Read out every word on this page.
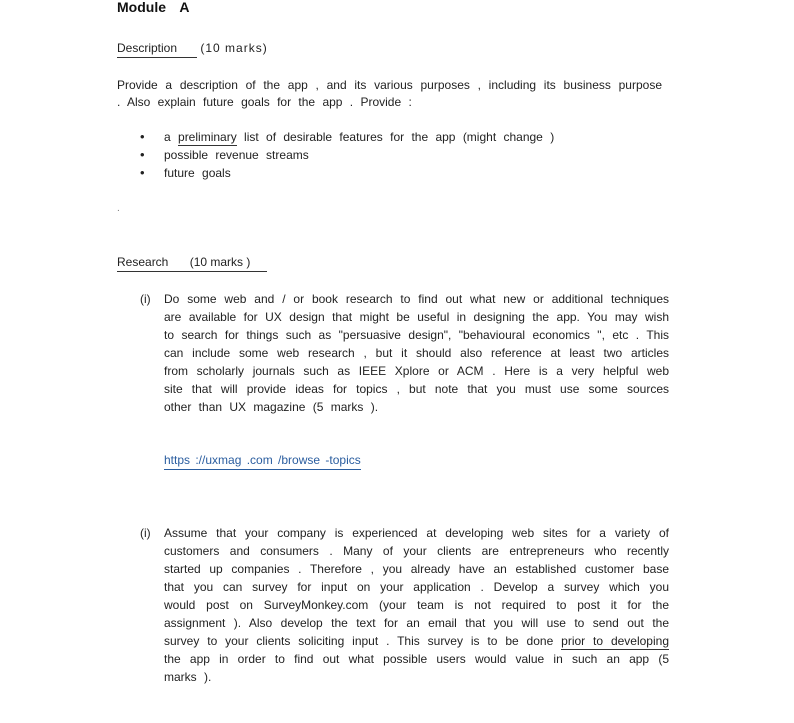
Module A
Description (10 marks)
Provide a description of the app , and its various purposes , including its business purpose . Also explain future goals for the app . Provide :
• a preliminary list of desirable features for the app (might change )
• possible revenue streams
• future goals
.
Research (10 marks )
(i) Do some web and / or book research to find out what new or additional techniques are available for UX design that might be useful in designing the app. You may wish to search for things such as "persuasive design", "behavioural economics ", etc . This can include some web research , but it should also reference at least two articles from scholarly journals such as IEEE Xplore or ACM . Here is a very helpful web site that will provide ideas for topics , but note that you must use some sources other than UX magazine (5 marks ).
https ://uxmag .com /browse -topics
(i) Assume that your company is experienced at developing web sites for a variety of customers and consumers . Many of your clients are entrepreneurs who recently started up companies . Therefore , you already have an established customer base that you can survey for input on your application . Develop a survey which you would post on SurveyMonkey.com (your team is not required to post it for the assignment ). Also develop the text for an email that you will use to send out the survey to your clients soliciting input . This survey is to be done prior to developing the app in order to find out what possible users would value in such an app (5 marks ).
